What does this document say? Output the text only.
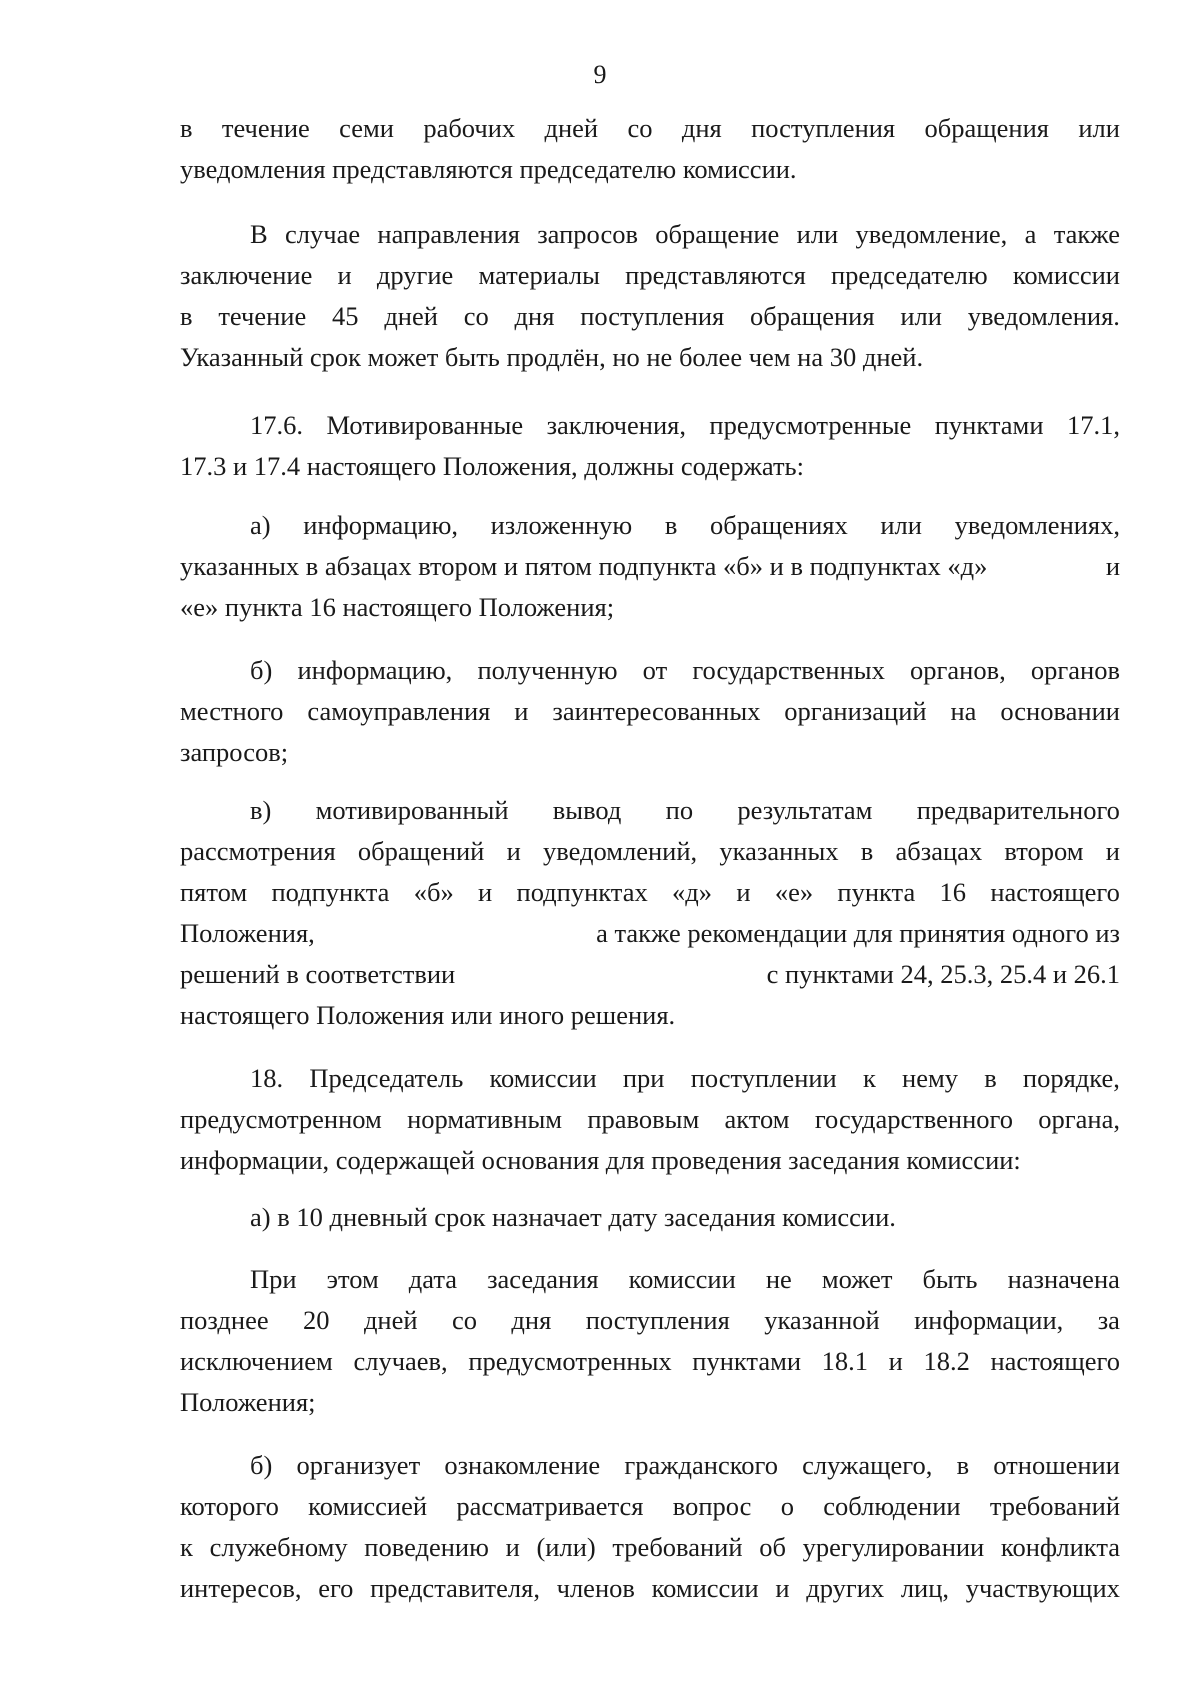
9
в течение семи рабочих дней со дня поступления обращения или
уведомления представляются председателю комиссии.
В случае направления запросов обращение или уведомление, а также
заключение и другие материалы представляются председателю комиссии
в течение 45 дней со дня поступления обращения или уведомления.
Указанный срок может быть продлён, но не более чем на 30 дней.
17.6. Мотивированные заключения, предусмотренные пунктами 17.1,
17.3 и 17.4 настоящего Положения, должны содержать:
а) информацию, изложенную в обращениях или уведомлениях,
указанных в абзацах втором и пятом подпункта «б» и в подпунктах «д»	и
«е» пункта 16 настоящего Положения;
б) информацию, полученную от государственных органов, органов
местного самоуправления и заинтересованных организаций на основании
запросов;
в) мотивированный вывод по результатам предварительного
рассмотрения обращений и уведомлений, указанных в абзацах втором и
пятом подпункта «б» и подпунктах «д» и «е» пункта 16 настоящего
Положения,	а также рекомендации для принятия одного из
решений в соответствии	с пунктами 24, 25.3, 25.4 и 26.1
настоящего Положения или иного решения.
18. Председатель комиссии при поступлении к нему в порядке,
предусмотренном нормативным правовым актом государственного органа,
информации, содержащей основания для проведения заседания комиссии:
а) в 10 дневный срок назначает дату заседания комиссии.
При этом дата заседания комиссии не может быть назначена
позднее 20 дней со дня поступления указанной информации, за
исключением случаев, предусмотренных пунктами 18.1 и 18.2 настоящего
Положения;
б) организует ознакомление гражданского служащего, в отношении
которого комиссией рассматривается вопрос о соблюдении требований
к служебному поведению и (или) требований об урегулировании конфликта
интересов, его представителя, членов комиссии и других лиц, участвующих
